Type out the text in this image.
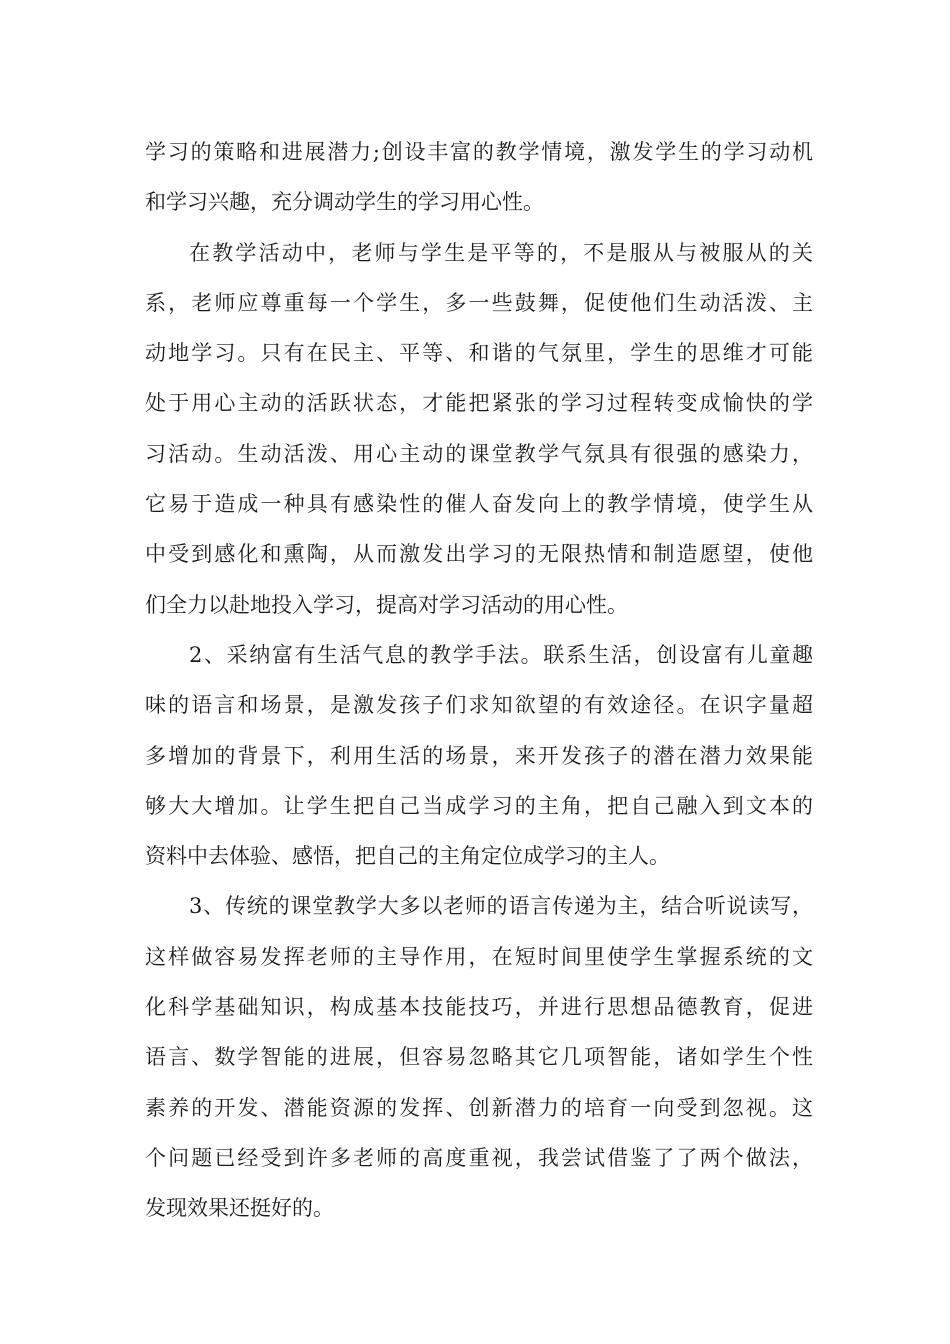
学习的策略和进展潜力;创设丰富的教学情境，激发学生的学习动机
和学习兴趣，充分调动学生的学习用心性。
在教学活动中，老师与学生是平等的，不是服从与被服从的关
系，老师应尊重每一个学生，多一些鼓舞，促使他们生动活泼、主
动地学习。只有在民主、平等、和谐的气氛里，学生的思维才可能
处于用心主动的活跃状态，才能把紧张的学习过程转变成愉快的学
习活动。生动活泼、用心主动的课堂教学气氛具有很强的感染力，
它易于造成一种具有感染性的催人奋发向上的教学情境，使学生从
中受到感化和熏陶，从而激发出学习的无限热情和制造愿望，使他
们全力以赴地投入学习，提高对学习活动的用心性。
2、采纳富有生活气息的教学手法。联系生活，创设富有儿童趣
味的语言和场景，是激发孩子们求知欲望的有效途径。在识字量超
多增加的背景下，利用生活的场景，来开发孩子的潜在潜力效果能
够大大增加。让学生把自己当成学习的主角，把自己融入到文本的
资料中去体验、感悟，把自己的主角定位成学习的主人。
3、传统的课堂教学大多以老师的语言传递为主，结合听说读写，
这样做容易发挥老师的主导作用，在短时间里使学生掌握系统的文
化科学基础知识，构成基本技能技巧，并进行思想品德教育，促进
语言、数学智能的进展，但容易忽略其它几项智能，诸如学生个性
素养的开发、潜能资源的发挥、创新潜力的培育一向受到忽视。这
个问题已经受到许多老师的高度重视，我尝试借鉴了了两个做法，
发现效果还挺好的。
